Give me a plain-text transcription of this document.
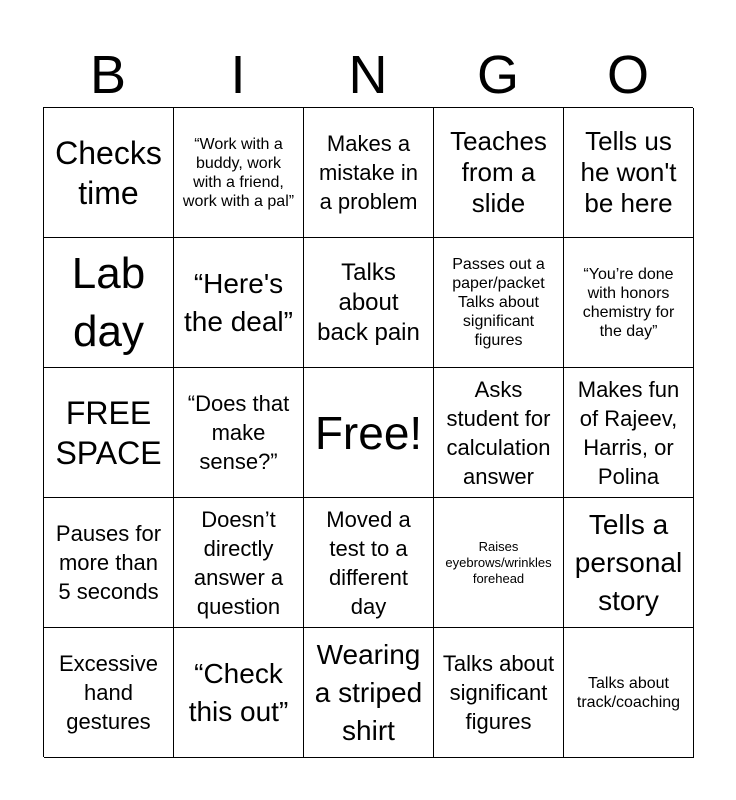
B	I	N	G	O
Checks time
“Work with a buddy, work with a friend, work with a pal”
Makes a mistake in a problem
Teaches from a slide
Tells us he won't be here
Lab day
“Here's the deal”
Talks about back pain
Passes out a paper/packet Talks about significant figures
“You’re done with honors chemistry for the day”
FREE SPACE
“Does that make sense?”
Free!
Asks student for calculation answer
Makes fun of Rajeev, Harris, or Polina
Pauses for more than 5 seconds
Doesn’t directly answer a question
Moved a test to a different day
Raises eyebrows/wrinkles forehead
Tells a personal story
Excessive hand gestures
“Check this out”
Wearing a striped shirt
Talks about significant figures
Talks about track/coaching
